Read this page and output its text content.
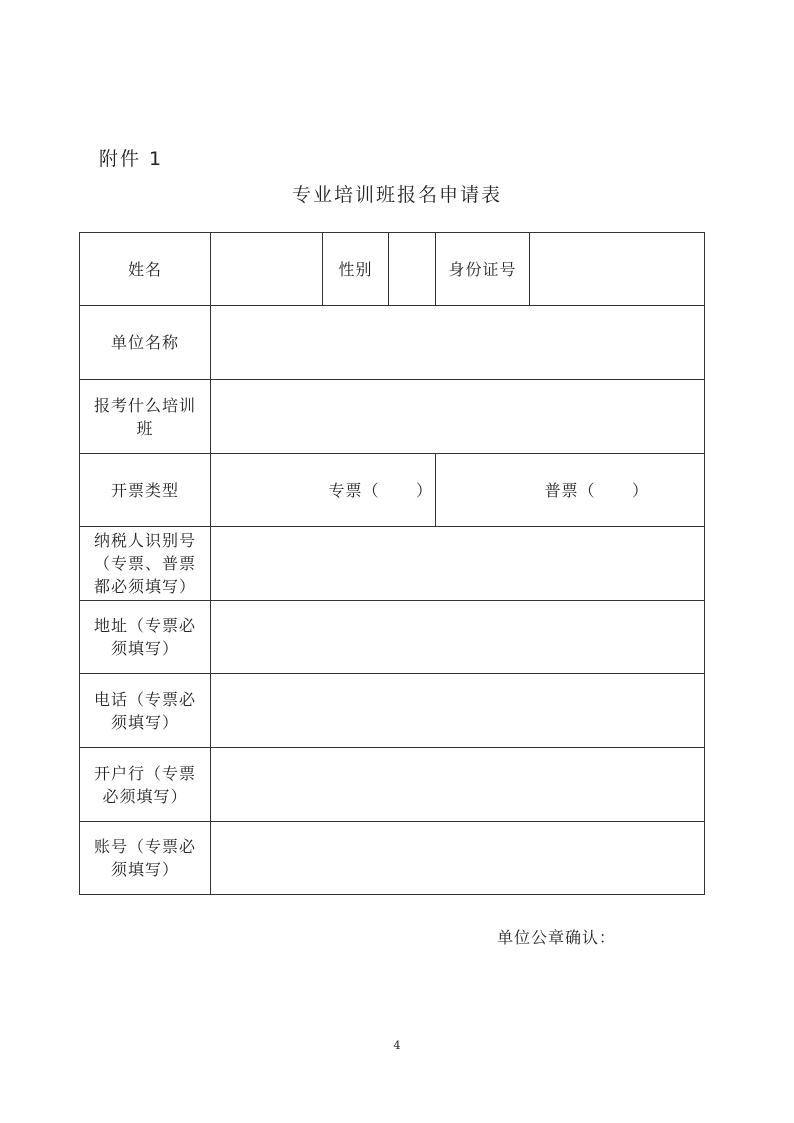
附件 1
专业培训班报名申请表
姓名		性别		身份证号	
单位名称					
报考什么培训班					
开票类型	专票（      ）			普票（      ）	
纳税人识别号（专票、普票都必须填写）					
地址（专票必须填写）					
电话（专票必须填写）					
开户行（专票必须填写）					
账号（专票必须填写）					
单位公章确认：
4
